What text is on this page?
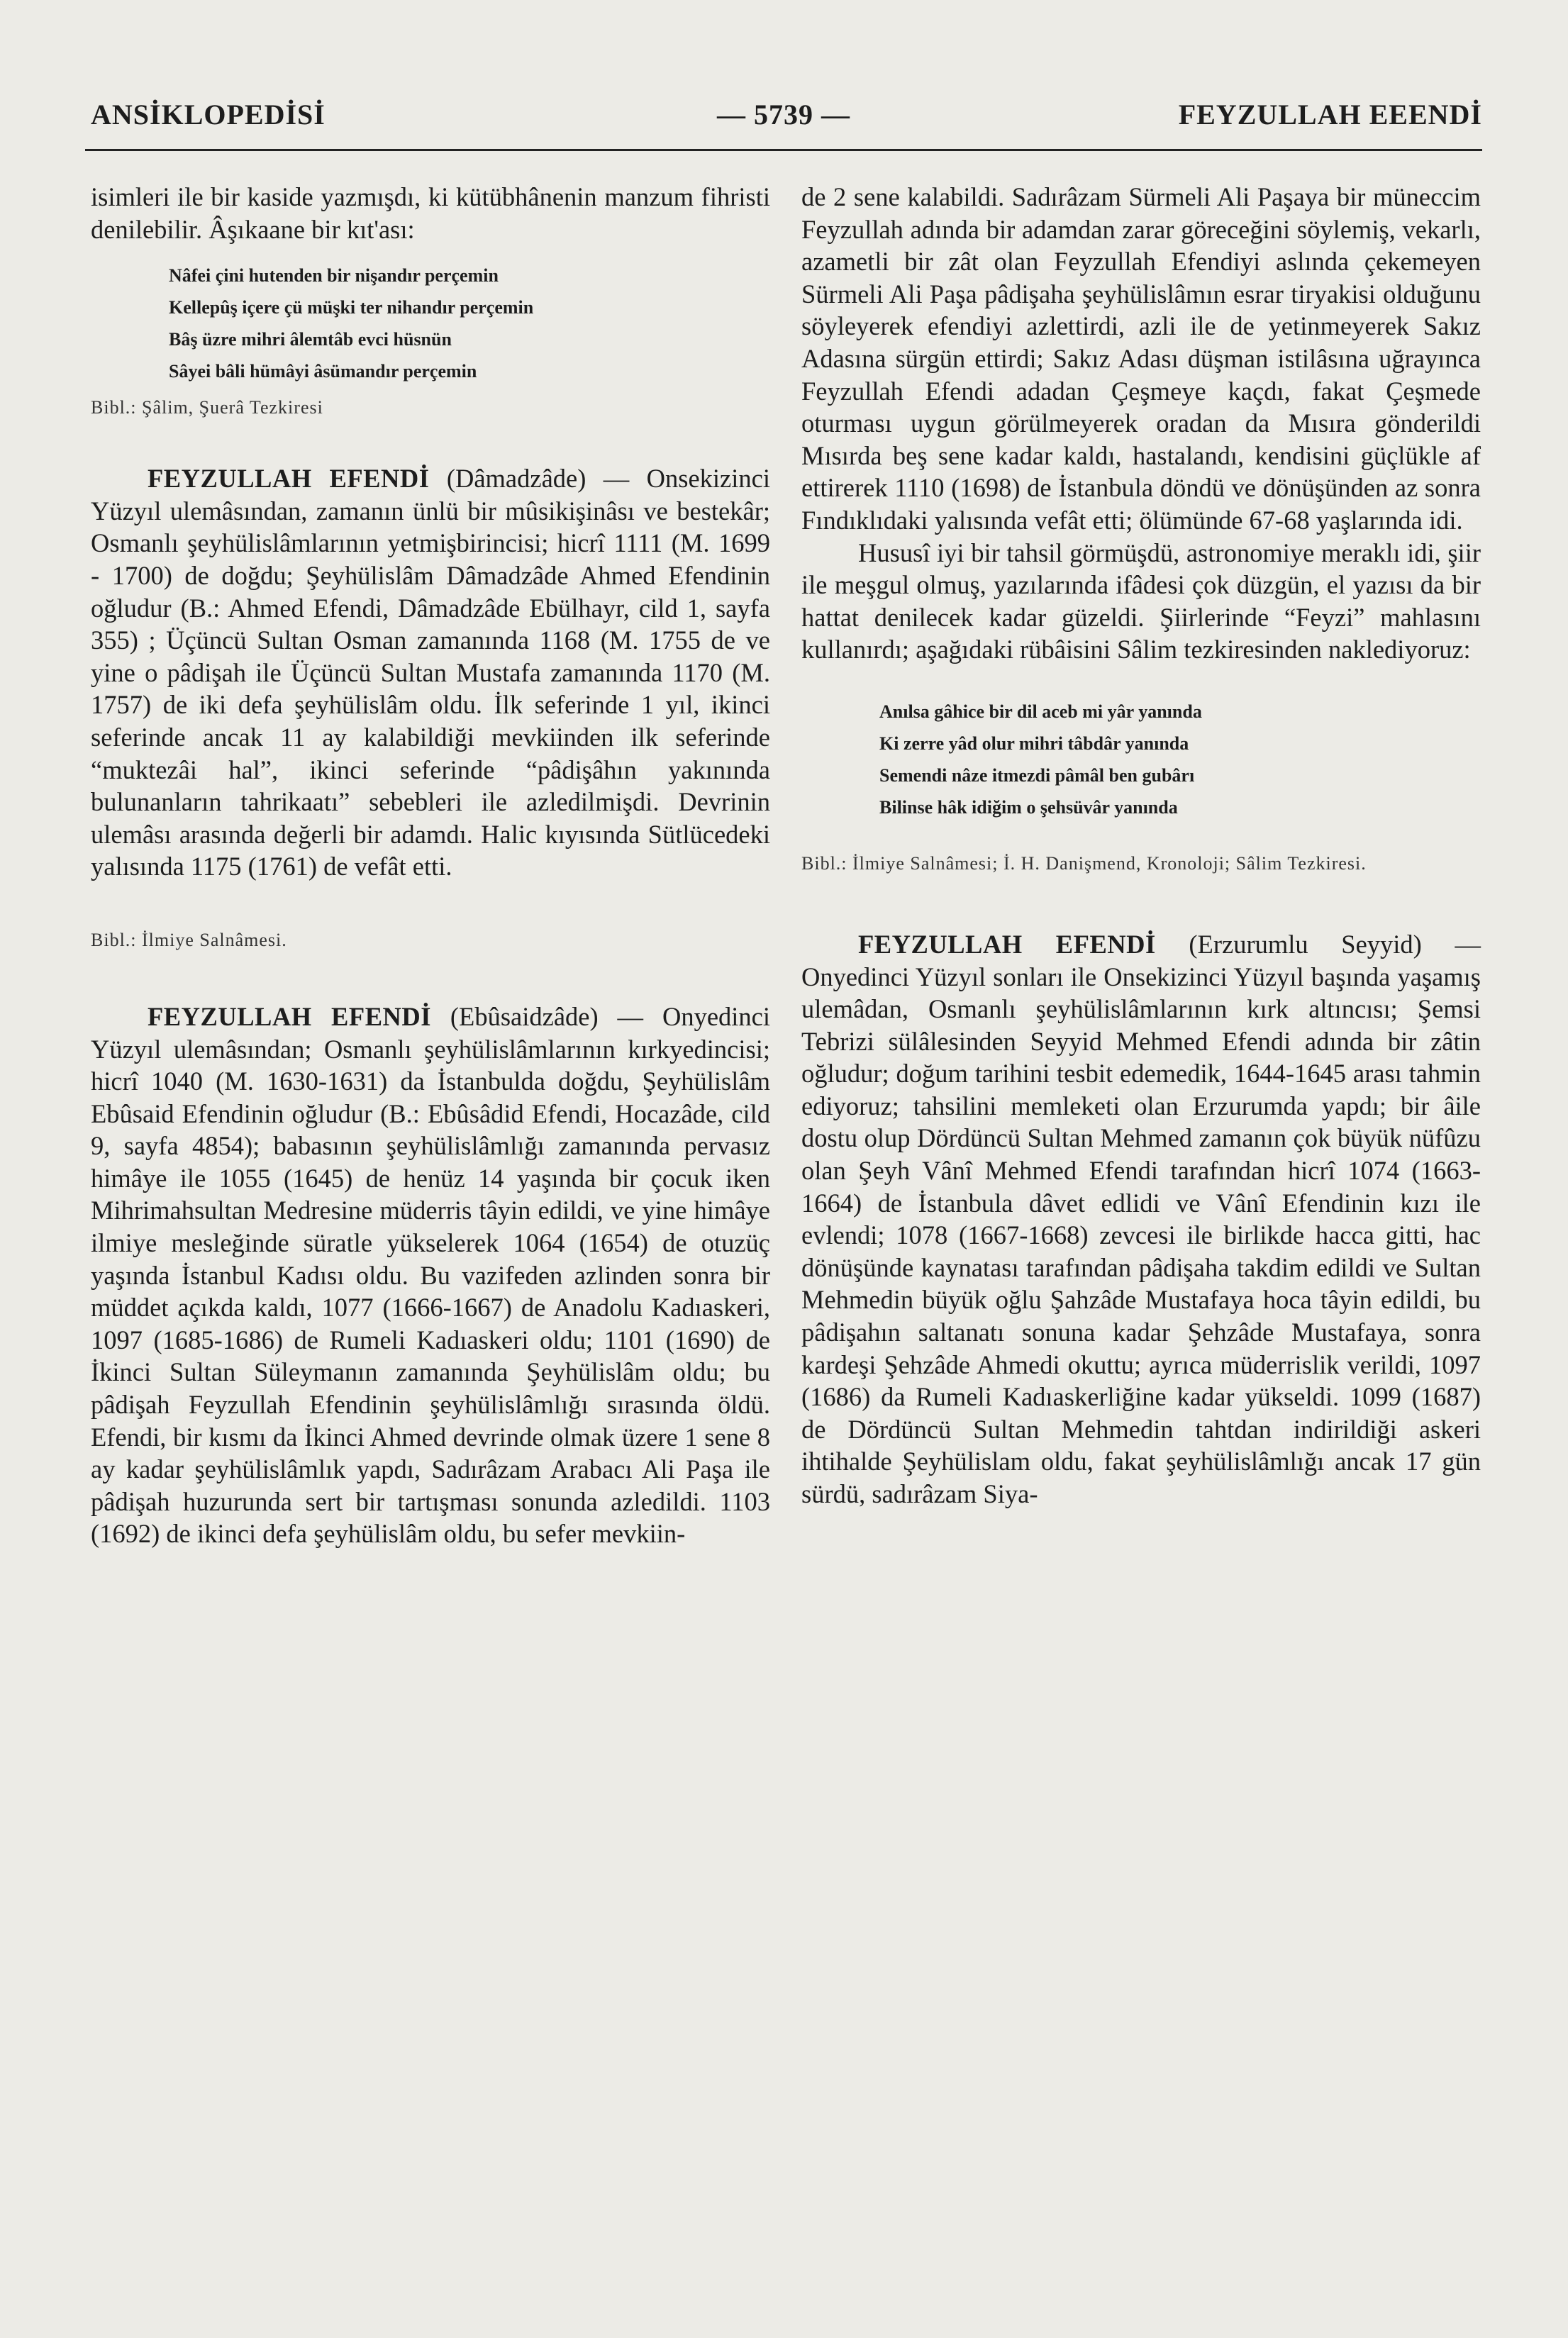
ANSİKLOPEDİSİ	— 5739 —	FEYZULLAH EEENDİ

isimleri ile bir kaside yazmışdı, ki kütübhânenin manzum fihristi denilebilir. Âşıkaane bir kıt'ası:

Nâfei çini hutenden bir nişandır perçemin
Kellepûş içere çü müşki ter nihandır perçemin
Bâş üzre mihri âlemtâb evci hüsnün
Sâyei bâli hümâyi âsümandır perçemin

Bibl.: Şâlim, Şuerâ Tezkiresi

FEYZULLAH EFENDİ (Dâmadzâde) — Onsekizinci Yüzyıl ulemâsından, zamanın ünlü bir mûsikişinâsı ve bestekâr; Osmanlı şeyhülislâmlarının yetmişbirincisi; hicrî 1111 (M. 1699 - 1700) de doğdu; Şeyhülislâm Dâmadzâde Ahmed Efendinin oğludur (B.: Ahmed Efendi, Dâmadzâde Ebülhayr, cild 1, sayfa 355) ; Üçüncü Sultan Osman zamanında 1168 (M. 1755 de ve yine o pâdişah ile Üçüncü Sultan Mustafa zamanında 1170 (M. 1757) de iki defa şeyhülislâm oldu. İlk seferinde 1 yıl, ikinci seferinde ancak 11 ay kalabildiği mevkiinden ilk seferinde “muktezâi hal”, ikinci seferinde “pâdişâhın yakınında bulunanların tahrikaatı” sebebleri ile azledilmişdi. Devrinin ulemâsı arasında değerli bir adamdı. Halic kıyısında Sütlücedeki yalısında 1175 (1761) de vefât etti.

Bibl.: İlmiye Salnâmesi.

FEYZULLAH EFENDİ (Ebûsaidzâde) — Onyedinci Yüzyıl ulemâsından; Osmanlı şeyhülislâmlarının kırkyedincisi; hicrî 1040 (M. 1630-1631) da İstanbulda doğdu, Şeyhülislâm Ebûsaid Efendinin oğludur (B.: Ebûsâdid Efendi, Hocazâde, cild 9, sayfa 4854); babasının şeyhülislâmlığı zamanında pervasız himâye ile 1055 (1645) de henüz 14 yaşında bir çocuk iken Mihrimahsultan Medresine müderris tâyin edildi, ve yine himâye ilmiye mesleğinde süratle yükselerek 1064 (1654) de otuzüç yaşında İstanbul Kadısı oldu. Bu vazifeden azlinden sonra bir müddet açıkda kaldı, 1077 (1666-1667) de Anadolu Kadıaskeri, 1097 (1685-1686) de Rumeli Kadıaskeri oldu; 1101 (1690) de İkinci Sultan Süleymanın zamanında Şeyhülislâm oldu; bu pâdişah Feyzullah Efendinin şeyhülislâmlığı sırasında öldü. Efendi, bir kısmı da İkinci Ahmed devrinde olmak üzere 1 sene 8 ay kadar şeyhülislâmlık yapdı, Sadırâzam Arabacı Ali Paşa ile pâdişah huzurunda sert bir tartışması sonunda azledildi. 1103 (1692) de ikinci defa şeyhülislâm oldu, bu sefer mevkiin-

de 2 sene kalabildi. Sadırâzam Sürmeli Ali Paşaya bir müneccim Feyzullah adında bir adamdan zarar göreceğini söylemiş, vekarlı, azametli bir zât olan Feyzullah Efendiyi aslında çekemeyen Sürmeli Ali Paşa pâdişaha şeyhülislâmın esrar tiryakisi olduğunu söyleyerek efendiyi azlettirdi, azli ile de yetinmeyerek Sakız Adasına sürgün ettirdi; Sakız Adası düşman istilâsına uğrayınca Feyzullah Efendi adadan Çeşmeye kaçdı, fakat Çeşmede oturması uygun görülmeyerek oradan da Mısıra gönderildi Mısırda beş sene kadar kaldı, hastalandı, kendisini güçlükle af ettirerek 1110 (1698) de İstanbula döndü ve dönüşünden az sonra Fındıklıdaki yalısında vefât etti; ölümünde 67-68 yaşlarında idi.

Hususî iyi bir tahsil görmüşdü, astronomiye meraklı idi, şiir ile meşgul olmuş, yazılarında ifâdesi çok düzgün, el yazısı da bir hattat denilecek kadar güzeldi. Şiirlerinde “Feyzi” mahlasını kullanırdı; aşağıdaki rübâisini Sâlim tezkiresinden naklediyoruz:

Anılsa gâhice bir dil aceb mi yâr yanında
Ki zerre yâd olur mihri tâbdâr yanında
Semendi nâze itmezdi pâmâl ben gubârı
Bilinse hâk idiğim o şehsüvâr yanında

Bibl.: İlmiye Salnâmesi; İ. H. Danişmend, Kronoloji; Sâlim Tezkiresi.

FEYZULLAH EFENDİ (Erzurumlu Seyyid) — Onyedinci Yüzyıl sonları ile Onsekizinci Yüzyıl başında yaşamış ulemâdan, Osmanlı şeyhülislâmlarının kırk altıncısı; Şemsi Tebrizi sülâlesinden Seyyid Mehmed Efendi adında bir zâtin oğludur; doğum tarihini tesbit edemedik, 1644-1645 arası tahmin ediyoruz; tahsilini memleketi olan Erzurumda yapdı; bir âile dostu olup Dördüncü Sultan Mehmed zamanın çok büyük nüfûzu olan Şeyh Vânî Mehmed Efendi tarafından hicrî 1074 (1663-1664) de İstanbula dâvet edlidi ve Vânî Efendinin kızı ile evlendi; 1078 (1667-1668) zevcesi ile birlikde hacca gitti, hac dönüşünde kaynatası tarafından pâdişaha takdim edildi ve Sultan Mehmedin büyük oğlu Şahzâde Mustafaya hoca tâyin edildi, bu pâdişahın saltanatı sonuna kadar Şehzâde Mustafaya, sonra kardeşi Şehzâde Ahmedi okuttu; ayrıca müderrislik verildi, 1097 (1686) da Rumeli Kadıaskerliğine kadar yükseldi. 1099 (1687) de Dördüncü Sultan Mehmedin tahtdan indirildiği askeri ihtihalde Şeyhülislam oldu, fakat şeyhülislâmlığı ancak 17 gün sürdü, sadırâzam Siya-
